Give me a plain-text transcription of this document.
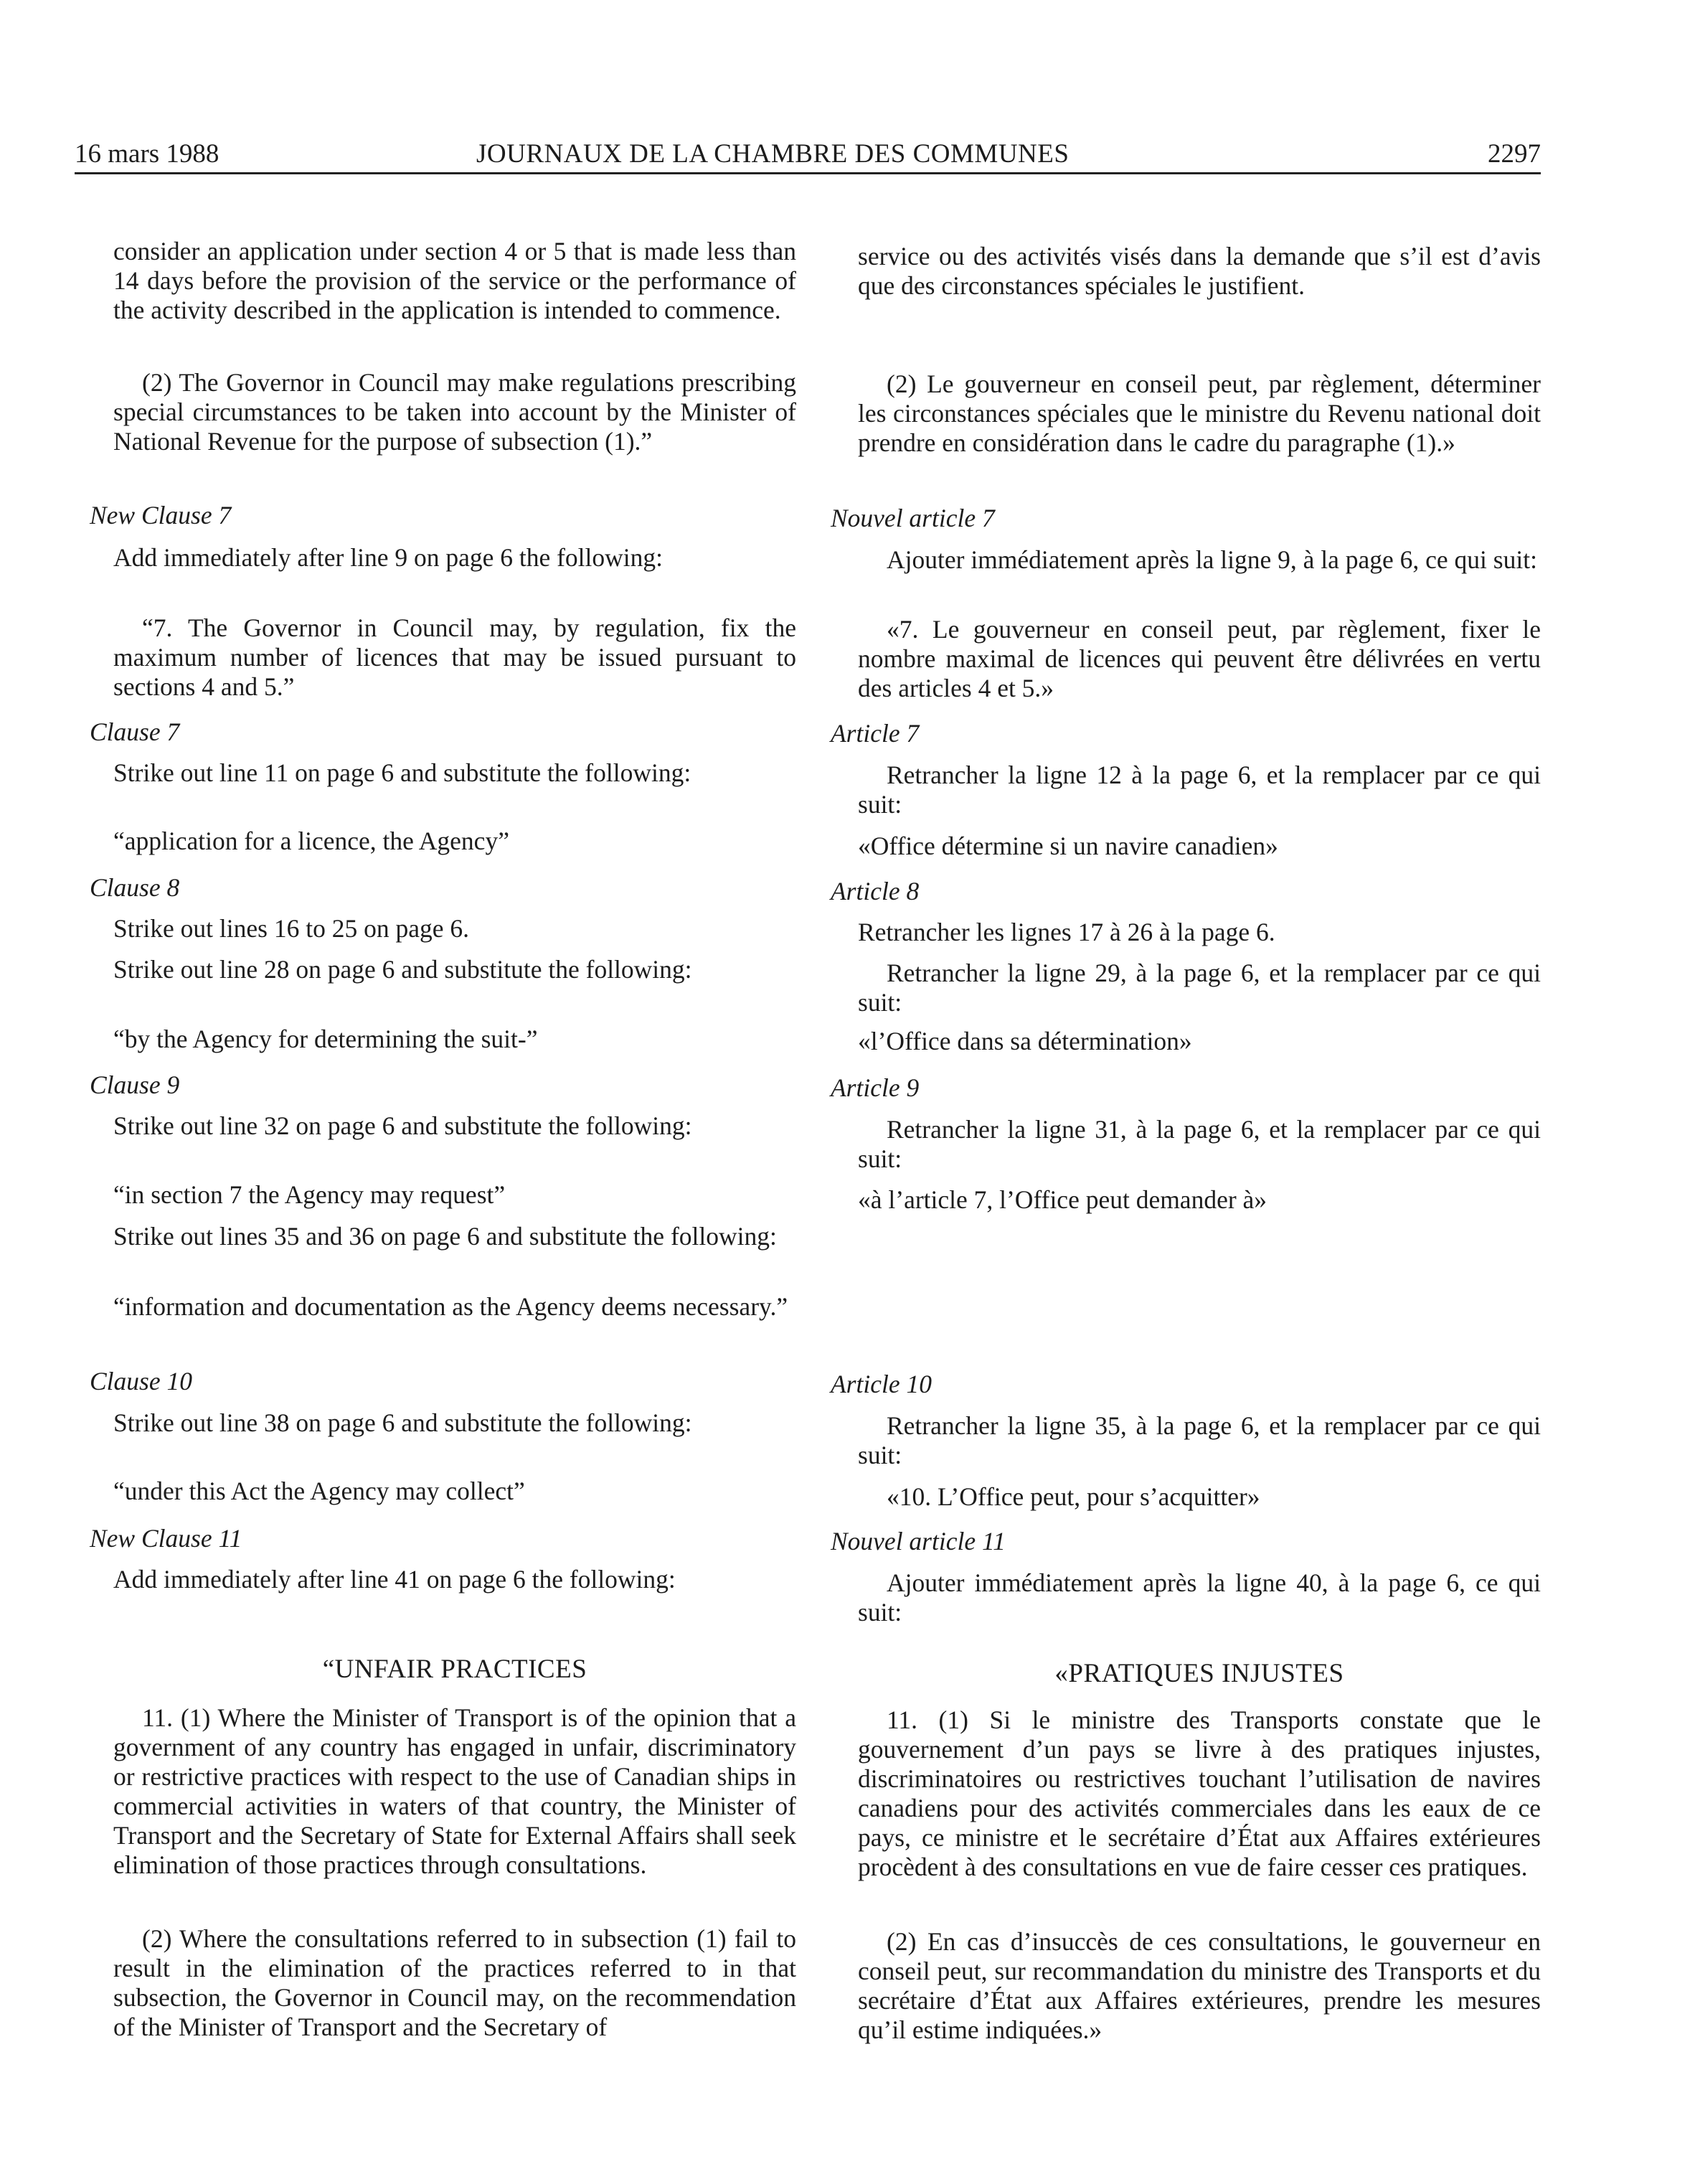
16 mars 1988	JOURNAUX DE LA CHAMBRE DES COMMUNES	2297

consider an application under section 4 or 5 that is made less than 14 days before the provision of the service or the performance of the activity described in the application is intended to commence.

(2) The Governor in Council may make regulations prescribing special circumstances to be taken into account by the Minister of National Revenue for the purpose of subsection (1).”

New Clause 7
Add immediately after line 9 on page 6 the following:

“7. The Governor in Council may, by regulation, fix the maximum number of licences that may be issued pursuant to sections 4 and 5.”

Clause 7
Strike out line 11 on page 6 and substitute the following:
“application for a licence, the Agency”
Clause 8
Strike out lines 16 to 25 on page 6.
Strike out line 28 on page 6 and substitute the following:
“by the Agency for determining the suit-”
Clause 9
Strike out line 32 on page 6 and substitute the following:
“in section 7 the Agency may request”

Strike out lines 35 and 36 on page 6 and substitute the following:

“information and documentation as the Agency deems necessary.”

Clause 10
Strike out line 38 on page 6 and substitute the following:
“under this Act the Agency may collect”
New Clause 11
Add immediately after line 41 on page 6 the following:
“UNFAIR PRACTICES

11. (1) Where the Minister of Transport is of the opinion that a government of any country has engaged in unfair, discriminatory or restrictive practices with respect to the use of Canadian ships in commercial activities in waters of that country, the Minister of Transport and the Secretary of State for External Affairs shall seek elimination of those practices through consultations.

(2) Where the consultations referred to in subsection (1) fail to result in the elimination of the practices referred to in that subsection, the Governor in Council may, on the recommendation of the Minister of Transport and the Secretary of

service ou des activités visés dans la demande que s’il est d’avis que des circonstances spéciales le justifient.

(2) Le gouverneur en conseil peut, par règlement, déterminer les circonstances spéciales que le ministre du Revenu national doit prendre en considération dans le cadre du paragraphe (1).»

Nouvel article 7

Ajouter immédiatement après la ligne 9, à la page 6, ce qui suit:

«7. Le gouverneur en conseil peut, par règlement, fixer le nombre maximal de licences qui peuvent être délivrées en vertu des articles 4 et 5.»

Article 7

Retrancher la ligne 12 à la page 6, et la remplacer par ce qui suit:

«Office détermine si un navire canadien»
Article 8
Retrancher les lignes 17 à 26 à la page 6.

Retrancher la ligne 29, à la page 6, et la remplacer par ce qui suit:

«l’Office dans sa détermination»
Article 9

Retrancher la ligne 31, à la page 6, et la remplacer par ce qui suit:

«à l’article 7, l’Office peut demander à»
Article 10

Retrancher la ligne 35, à la page 6, et la remplacer par ce qui suit:

«10. L’Office peut, pour s’acquitter»
Nouvel article 11

Ajouter immédiatement après la ligne 40, à la page 6, ce qui suit:

«PRATIQUES INJUSTES

11. (1) Si le ministre des Transports constate que le gouvernement d’un pays se livre à des pratiques injustes, discriminatoires ou restrictives touchant l’utilisation de navires canadiens pour des activités commerciales dans les eaux de ce pays, ce ministre et le secrétaire d’État aux Affaires extérieures procèdent à des consultations en vue de faire cesser ces pratiques.

(2) En cas d’insuccès de ces consultations, le gouverneur en conseil peut, sur recommandation du ministre des Transports et du secrétaire d’État aux Affaires extérieures, prendre les mesures qu’il estime indiquées.»
